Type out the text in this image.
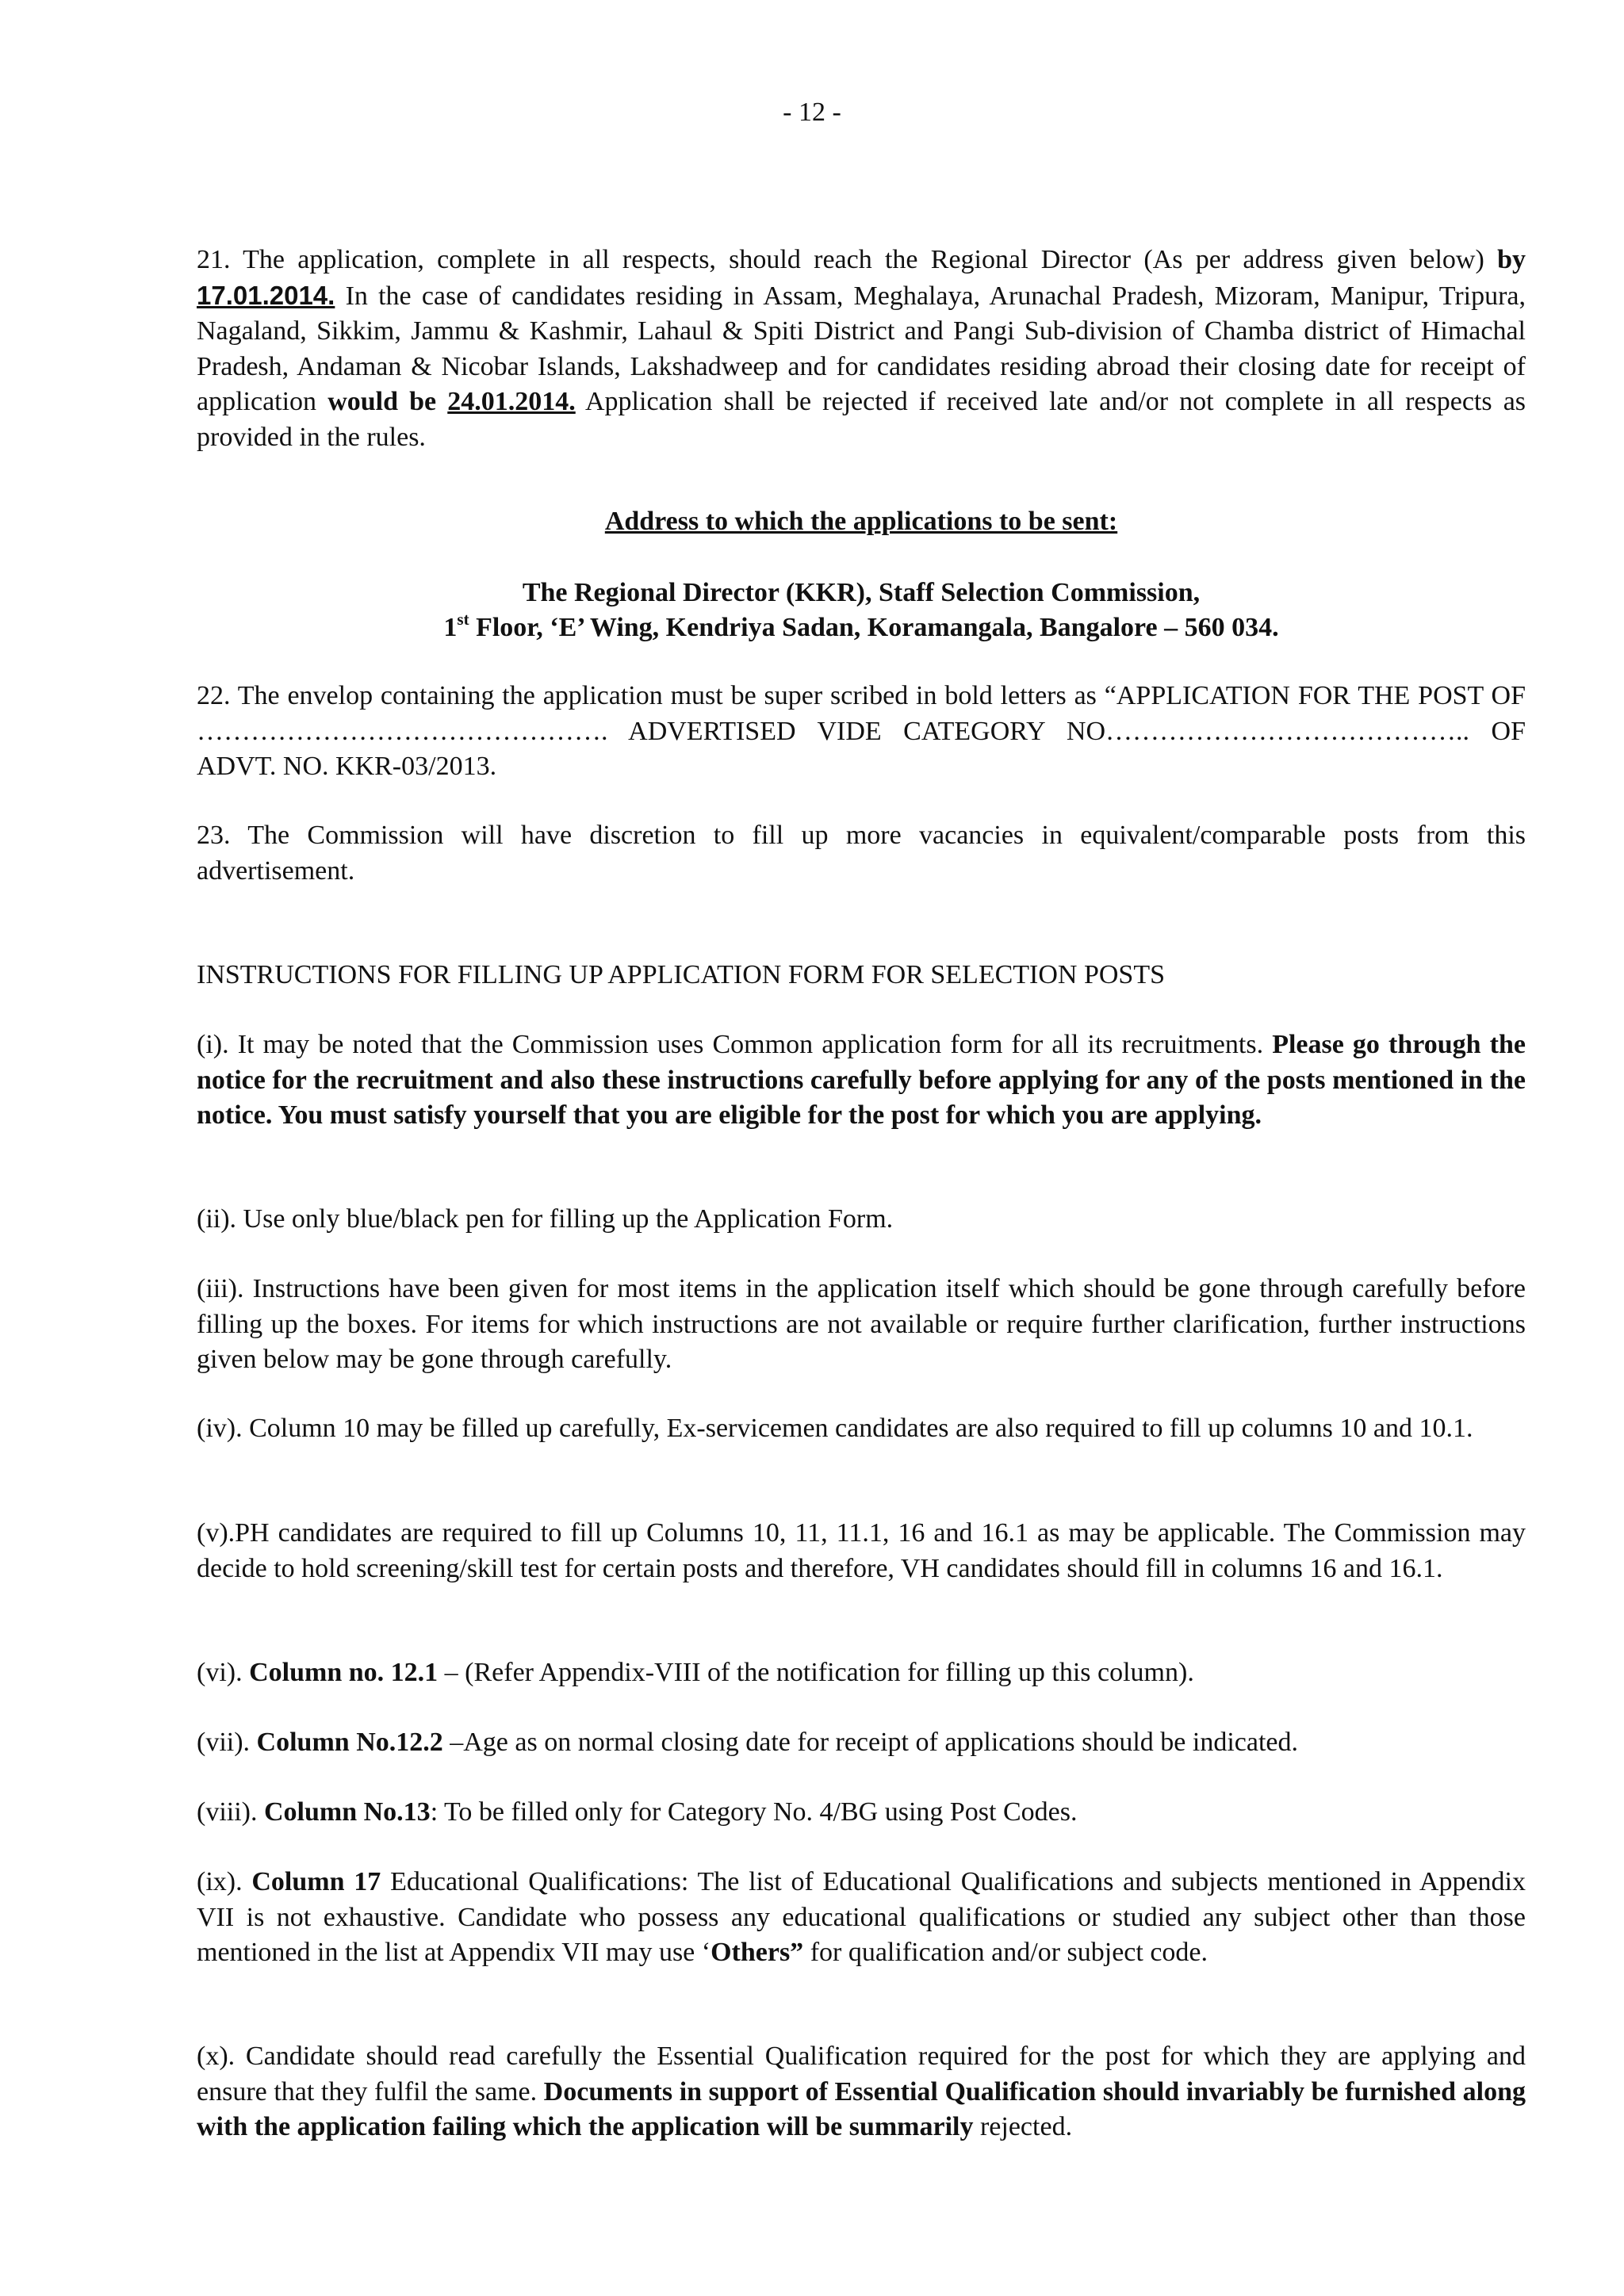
- 12 -

21. The application, complete in all respects, should reach the Regional Director (As per address given below) by 17.01.2014. In the case of candidates residing in Assam, Meghalaya, Arunachal Pradesh, Mizoram, Manipur, Tripura, Nagaland, Sikkim, Jammu & Kashmir, Lahaul & Spiti District and Pangi Sub-division of Chamba district of Himachal Pradesh, Andaman & Nicobar Islands, Lakshadweep and for candidates residing abroad their closing date for receipt of application would be 24.01.2014. Application shall be rejected if received late and/or not complete in all respects as provided in the rules.

Address to which the applications to be sent:

The Regional Director (KKR), Staff Selection Commission,

1st Floor, ‘E’ Wing, Kendriya Sadan, Koramangala, Bangalore – 560 034.

22. The envelop containing the application must be super scribed in bold letters as “APPLICATION FOR THE POST OF ………………………………………. ADVERTISED VIDE CATEGORY NO………………………………….. OF ADVT. NO. KKR-03/2013.

23. The Commission will have discretion to fill up more vacancies in equivalent/comparable posts from this advertisement.

INSTRUCTIONS FOR FILLING UP APPLICATION FORM FOR SELECTION POSTS

(i). It may be noted that the Commission uses Common application form for all its recruitments. Please go through the notice for the recruitment and also these instructions carefully before applying for any of the posts mentioned in the notice. You must satisfy yourself that you are eligible for the post for which you are applying.

(ii). Use only blue/black pen for filling up the Application Form.

(iii). Instructions have been given for most items in the application itself which should be gone through carefully before filling up the boxes. For items for which instructions are not available or require further clarification, further instructions given below may be gone through carefully.

(iv). Column 10 may be filled up carefully, Ex-servicemen candidates are also required to fill up columns 10 and 10.1.

(v).PH candidates are required to fill up Columns 10, 11, 11.1, 16 and 16.1 as may be applicable. The Commission may decide to hold screening/skill test for certain posts and therefore, VH candidates should fill in columns 16 and 16.1.

(vi). Column no. 12.1 – (Refer Appendix-VIII of the notification for filling up this column).

(vii). Column No.12.2 –Age as on normal closing date for receipt of applications should be indicated.

(viii). Column No.13: To be filled only for Category No. 4/BG using Post Codes.

(ix). Column 17 Educational Qualifications: The list of Educational Qualifications and subjects mentioned in Appendix VII is not exhaustive. Candidate who possess any educational qualifications or studied any subject other than those mentioned in the list at Appendix VII may use ‘Others” for qualification and/or subject code.

(x). Candidate should read carefully the Essential Qualification required for the post for which they are applying and ensure that they fulfil the same. Documents in support of Essential Qualification should invariably be furnished along with the application failing which the application will be summarily rejected.
